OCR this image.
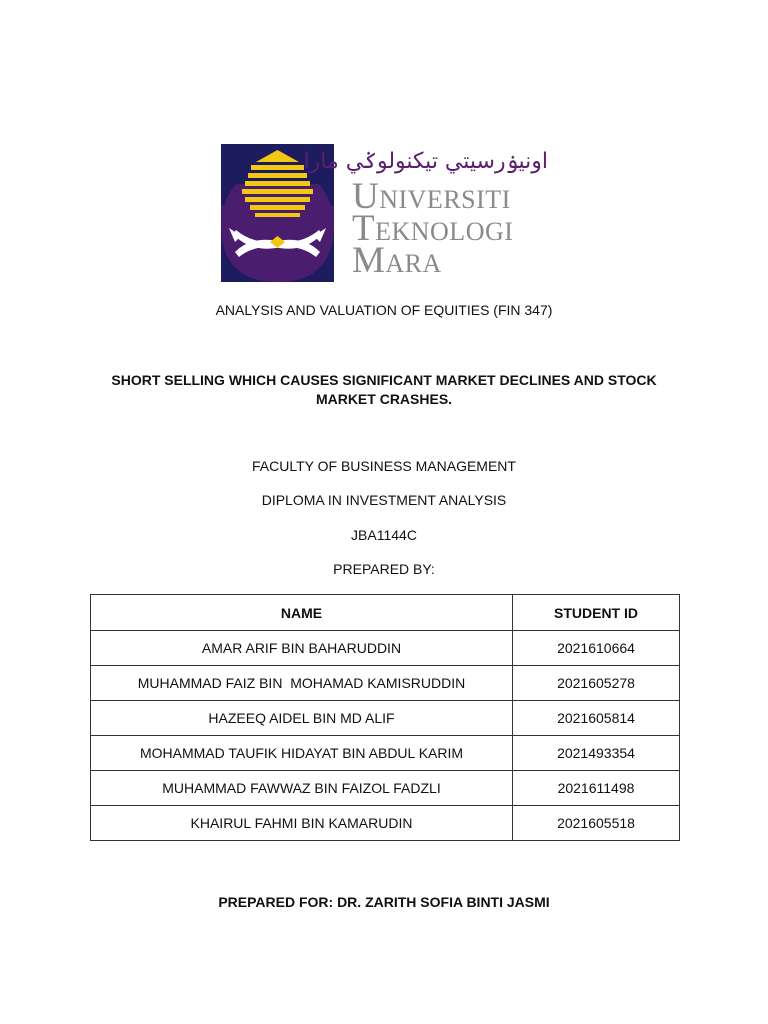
اونيۏرسيتي تيكنولوݢي مارا
Universiti
Teknologi
Mara
ANALYSIS AND VALUATION OF EQUITIES (FIN 347)
SHORT SELLING WHICH CAUSES SIGNIFICANT MARKET DECLINES AND STOCK MARKET CRASHES.
FACULTY OF BUSINESS MANAGEMENT
DIPLOMA IN INVESTMENT ANALYSIS
JBA1144C
PREPARED BY:
NAME	STUDENT ID
AMAR ARIF BIN BAHARUDDIN	2021610664
MUHAMMAD FAIZ BIN  MOHAMAD KAMISRUDDIN	2021605278
HAZEEQ AIDEL BIN MD ALIF	2021605814
MOHAMMAD TAUFIK HIDAYAT BIN ABDUL KARIM	2021493354
MUHAMMAD FAWWAZ BIN FAIZOL FADZLI	2021611498
KHAIRUL FAHMI BIN KAMARUDIN	2021605518
PREPARED FOR: DR. ZARITH SOFIA BINTI JASMI
